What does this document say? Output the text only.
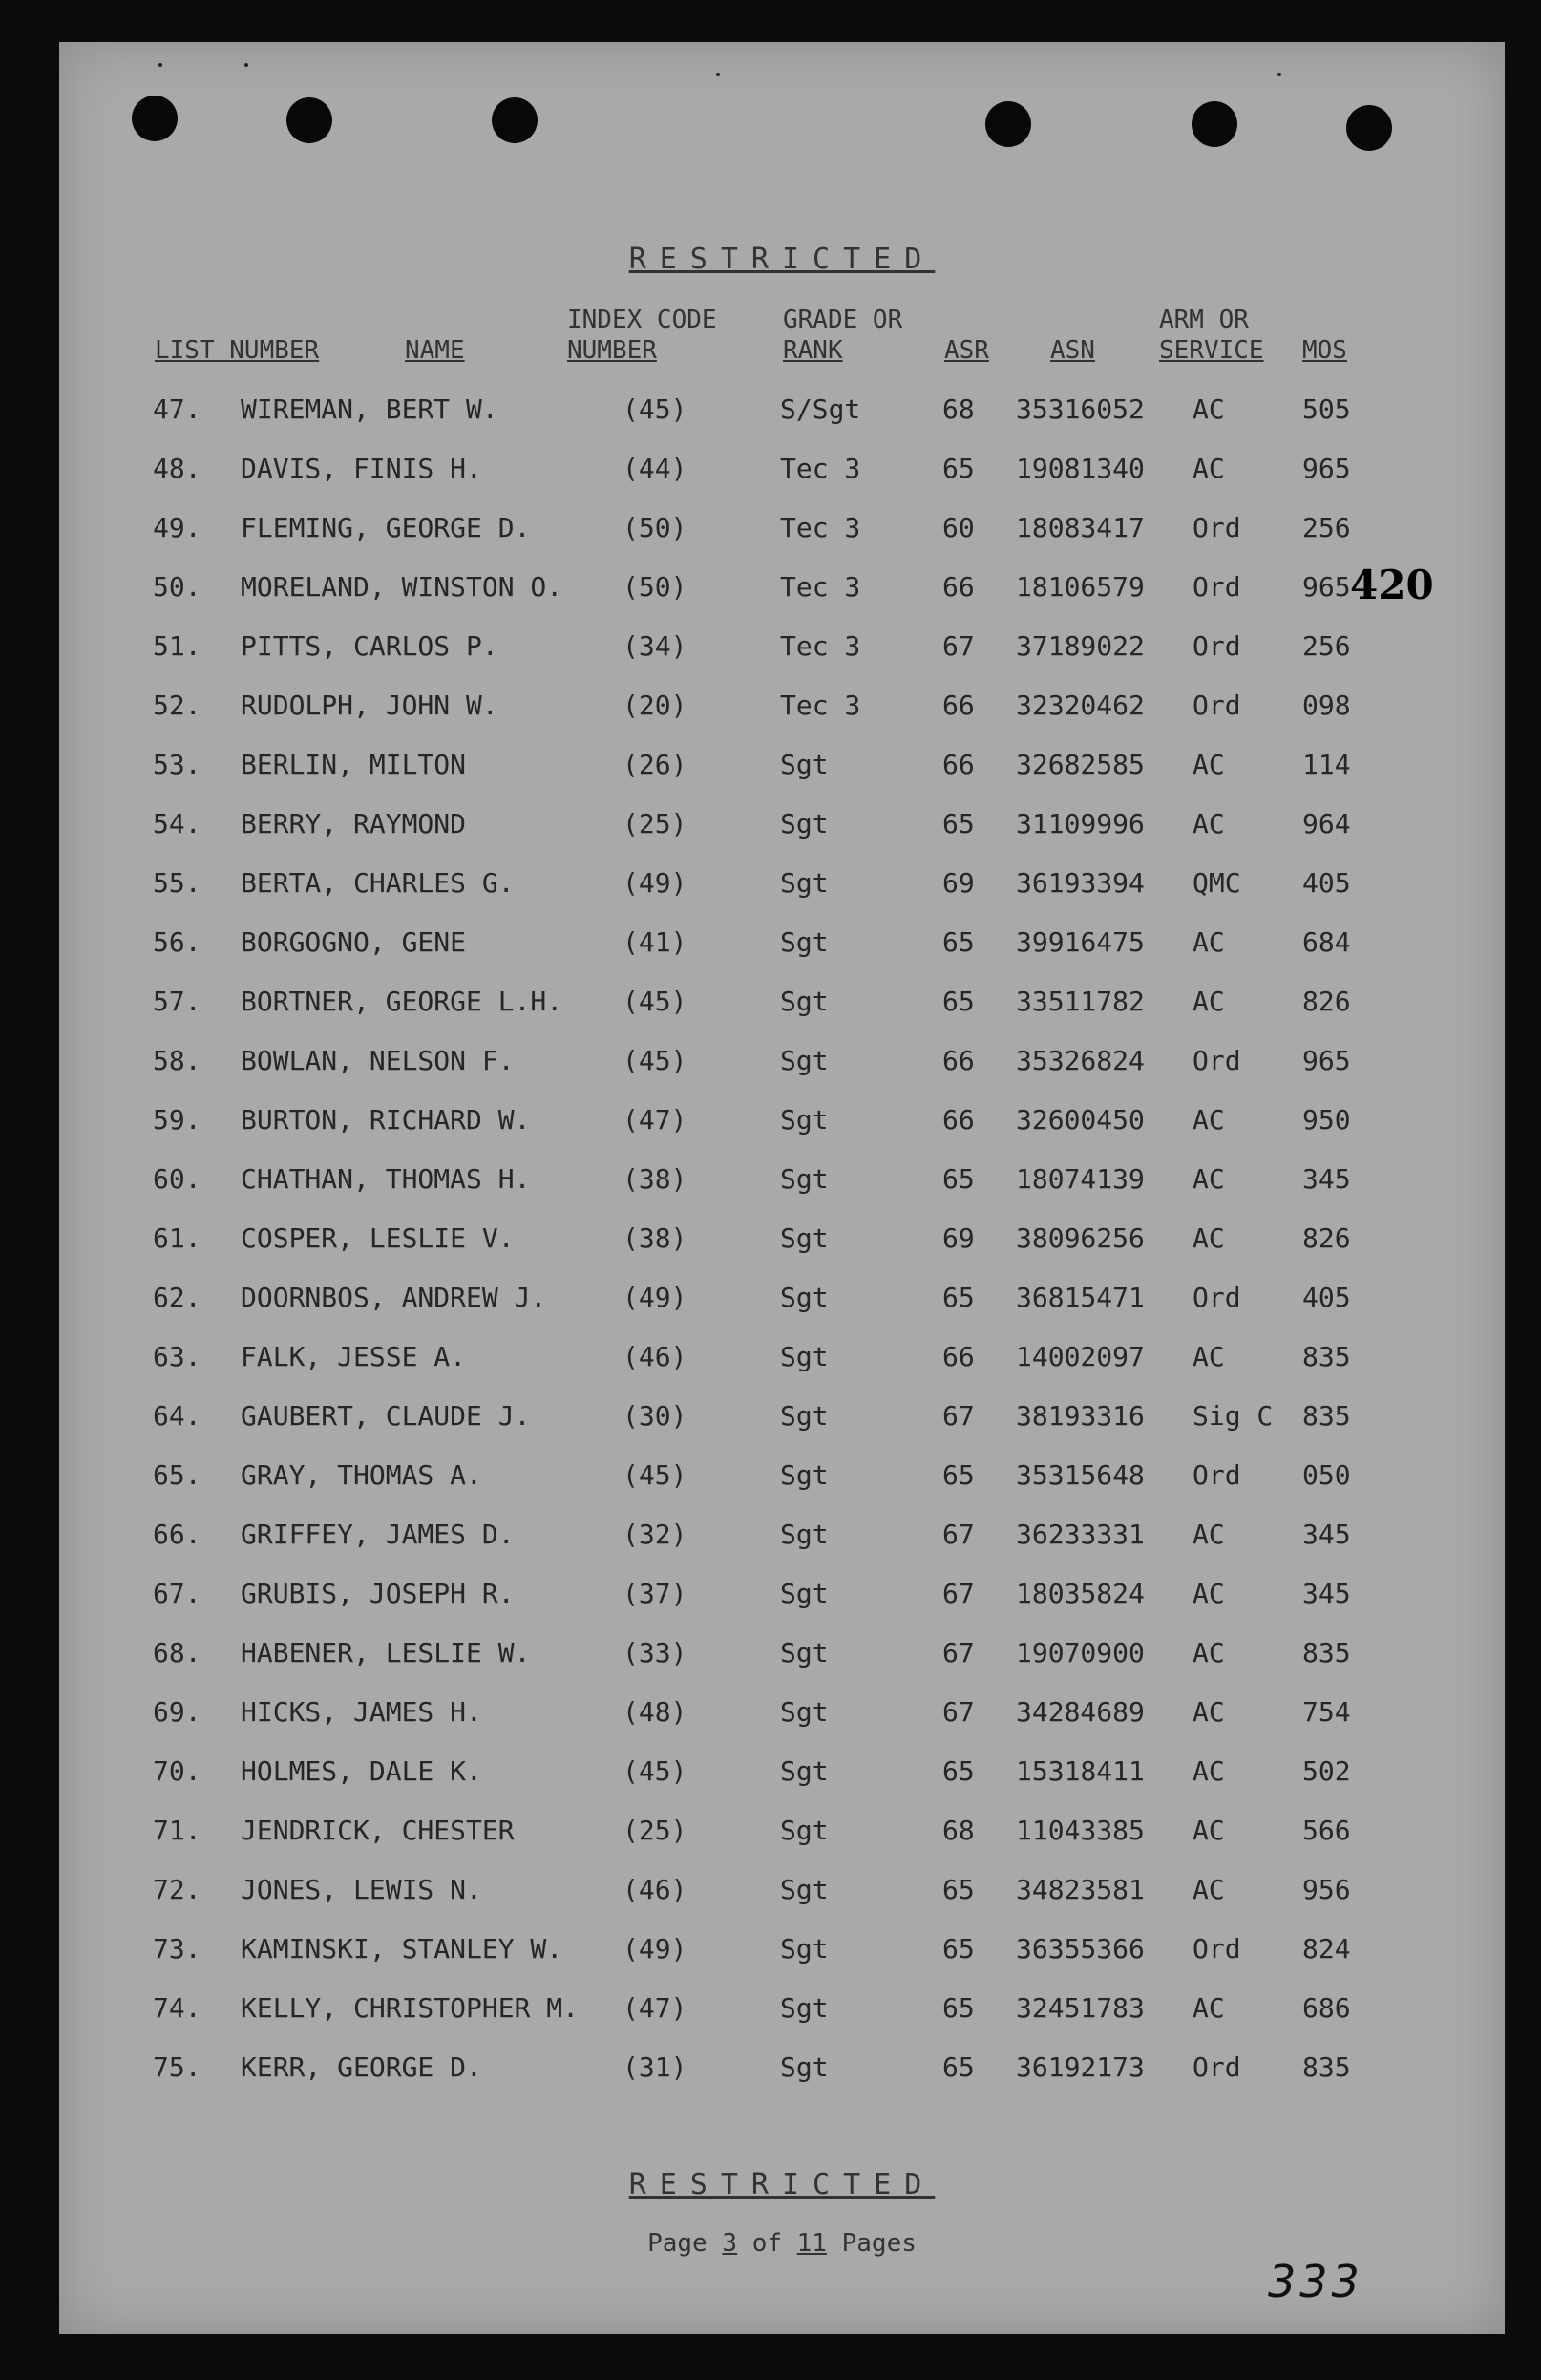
RESTRICTED
INDEX CODE	GRADE OR	ARM OR
LIST NUMBER	NAME	NUMBER	RANK	ASR ASN	SERVICE MOS
47. WIREMAN, BERT W.	(45)	S/Sgt	68 35316052 AC	505
48. DAVIS, FINIS H.	(44)	Tec 3	65 19081340 AC	965
49. FLEMING, GEORGE D.	(50)	Tec 3	60 18083417 Ord 256
50. MORELAND, WINSTON O. (50)	Tec 3	66 18106579 Ord 965
51. PITTS, CARLOS P.	(34)	Tec 3	67 37189022 Ord 256
52. RUDOLPH, JOHN W.	(20)	Tec 3	66 32320462 Ord 098
53. BERLIN, MILTON	(26)	Sgt	66 32682585 AC	114
54. BERRY, RAYMOND	(25)	Sgt	65 31109996 AC	964
55. BERTA, CHARLES G.	(49)	Sgt	69 36193394 QMC 405
56. BORGOGNO, GENE	(41)	Sgt	65 39916475 AC	684
57. BORTNER, GEORGE L.H. (45)	Sgt	65 33511782 AC	826
58. BOWLAN, NELSON F.	(45)	Sgt	66 35326824 Ord 965
59. BURTON, RICHARD W.	(47)	Sgt	66 32600450 AC	950
60. CHATHAN, THOMAS H.	(38)	Sgt	65 18074139 AC	345
61. COSPER, LESLIE V.	(38)	Sgt	69 38096256 AC	826
62. DOORNBOS, ANDREW J.	(49)	Sgt	65 36815471 Ord 405
63. FALK, JESSE A.	(46)	Sgt	66 14002097 AC	835
64. GAUBERT, CLAUDE J.	(30)	Sgt	67 38193316 Sig C 835
65. GRAY, THOMAS A.	(45)	Sgt	65 35315648 Ord 050
66. GRIFFEY, JAMES D.	(32)	Sgt	67 36233331 AC	345
67. GRUBIS, JOSEPH R.	(37)	Sgt	67 18035824 AC	345
68. HABENER, LESLIE W.	(33)	Sgt	67 19070900 AC	835
69. HICKS, JAMES H.	(48)	Sgt	67 34284689 AC	754
70. HOLMES, DALE K.	(45)	Sgt	65 15318411 AC	502
71. JENDRICK, CHESTER	(25)	Sgt	68 11043385 AC	566
72. JONES, LEWIS N.	(46)	Sgt	65 34823581 AC	956
73. KAMINSKI, STANLEY W. (49)	Sgt	65 36355366 Ord 824
74. KELLY, CHRISTOPHER M. (47)	Sgt	65 32451783 AC	686
75. KERR, GEORGE D.	(31)	Sgt	65 36192173 Ord 835
420
RESTRICTED
Page 3 of 11 Pages
333
